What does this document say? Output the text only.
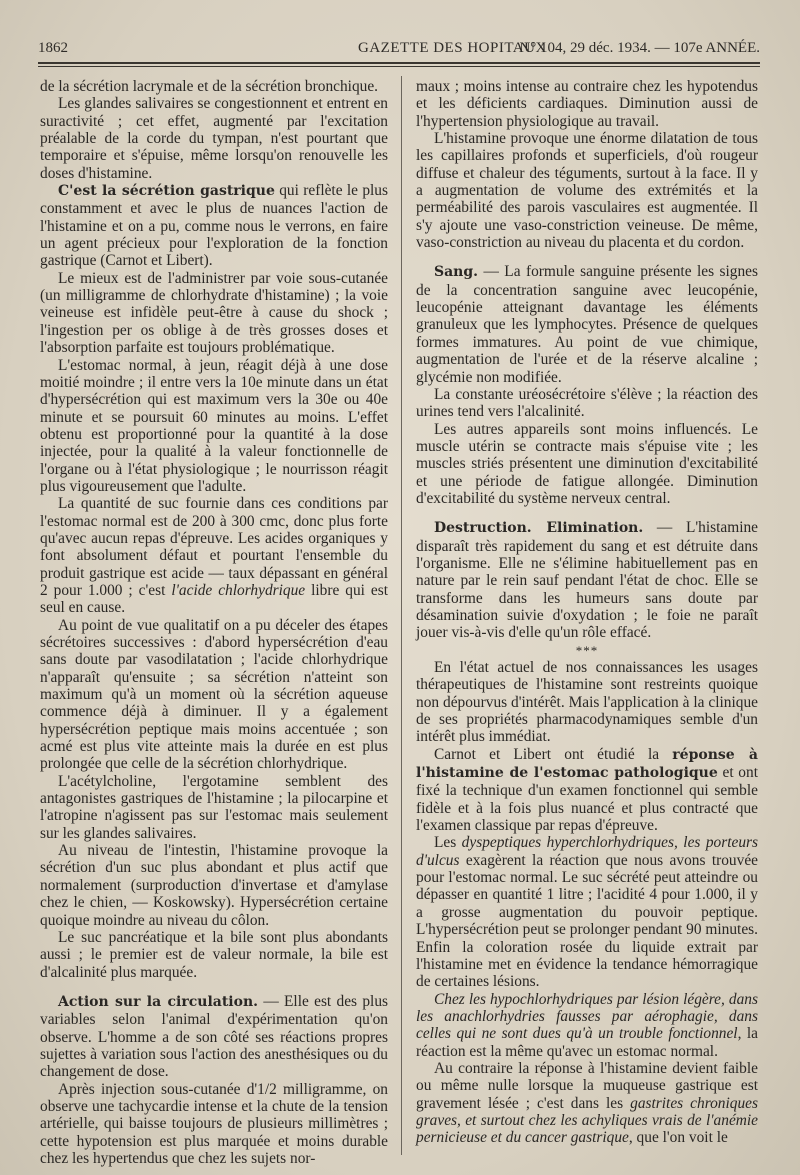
1862	GAZETTE DES HOPITAUX
N° 104, 29 déc. 1934. — 107e ANNÉE.

de la sécrétion lacrymale et de la sécrétion bronchique.

Les glandes salivaires se congestionnent et entrent en suractivité ; cet effet, augmenté par l'excitation préalable de la corde du tympan, n'est pourtant que temporaire et s'épuise, même lorsqu'on renouvelle les doses d'histamine.

C'est la sécrétion gastrique qui reflète le plus constamment et avec le plus de nuances l'action de l'histamine et on a pu, comme nous le verrons, en faire un agent précieux pour l'exploration de la fonction gastrique (Carnot et Libert).

Le mieux est de l'administrer par voie sous-cutanée (un milligramme de chlorhydrate d'histamine) ; la voie veineuse est infidèle peut-être à cause du shock ; l'ingestion per os oblige à de très grosses doses et l'absorption parfaite est toujours problématique.

L'estomac normal, à jeun, réagit déjà à une dose moitié moindre ; il entre vers la 10e minute dans un état d'hypersécrétion qui est maximum vers la 30e ou 40e minute et se poursuit 60 minutes au moins. L'effet obtenu est proportionné pour la quantité à la dose injectée, pour la qualité à la valeur fonctionnelle de l'organe ou à l'état physiologique ; le nourrisson réagit plus vigoureusement que l'adulte.

La quantité de suc fournie dans ces conditions par l'estomac normal est de 200 à 300 cmc, donc plus forte qu'avec aucun repas d'épreuve. Les acides organiques y font absolument défaut et pourtant l'ensemble du produit gastrique est acide — taux dépassant en général 2 pour 1.000 ; c'est l'acide chlorhydrique libre qui est seul en cause.

Au point de vue qualitatif on a pu déceler des étapes sécrétoires successives : d'abord hypersécrétion d'eau sans doute par vasodilatation ; l'acide chlorhydrique n'apparaît qu'ensuite ; sa sécrétion n'atteint son maximum qu'à un moment où la sécrétion aqueuse commence déjà à diminuer. Il y a également hypersécrétion peptique mais moins accentuée ; son acmé est plus vite atteinte mais la durée en est plus prolongée que celle de la sécrétion chlorhydrique.

L'acétylcholine, l'ergotamine semblent des antagonistes gastriques de l'histamine ; la pilocarpine et l'atropine n'agissent pas sur l'estomac mais seulement sur les glandes salivaires.

Au niveau de l'intestin, l'histamine provoque la sécrétion d'un suc plus abondant et plus actif que normalement (surproduction d'invertase et d'amylase chez le chien, — Koskowsky). Hypersécrétion certaine quoique moindre au niveau du côlon.

Le suc pancréatique et la bile sont plus abondants aussi ; le premier est de valeur normale, la bile est d'alcalinité plus marquée.

Action sur la circulation. — Elle est des plus variables selon l'animal d'expérimentation qu'on observe. L'homme a de son côté ses réactions propres sujettes à variation sous l'action des anesthésiques ou du changement de dose.

Après injection sous-cutanée d'1/2 milligramme, on observe une tachycardie intense et la chute de la tension artérielle, qui baisse toujours de plusieurs millimètres ; cette hypotension est plus marquée et moins durable chez les hypertendus que chez les sujets nor-

maux ; moins intense au contraire chez les hypotendus et les déficients cardiaques. Diminution aussi de l'hypertension physiologique au travail.

L'histamine provoque une énorme dilatation de tous les capillaires profonds et superficiels, d'où rougeur diffuse et chaleur des téguments, surtout à la face. Il y a augmentation de volume des extrémités et la perméabilité des parois vasculaires est augmentée. Il s'y ajoute une vaso-constriction veineuse. De même, vaso-constriction au niveau du placenta et du cordon.

Sang. — La formule sanguine présente les signes de la concentration sanguine avec leucopénie, leucopénie atteignant davantage les éléments granuleux que les lymphocytes. Présence de quelques formes immatures. Au point de vue chimique, augmentation de l'urée et de la réserve alcaline ; glycémie non modifiée.

La constante uréosécrétoire s'élève ; la réaction des urines tend vers l'alcalinité.

Les autres appareils sont moins influencés. Le muscle utérin se contracte mais s'épuise vite ; les muscles striés présentent une diminution d'excitabilité et une période de fatigue allongée. Diminution d'excitabilité du système nerveux central.

Destruction. Elimination. — L'histamine disparaît très rapidement du sang et est détruite dans l'organisme. Elle ne s'élimine habituellement pas en nature par le rein sauf pendant l'état de choc. Elle se transforme dans les humeurs sans doute par désamination suivie d'oxydation ; le foie ne paraît jouer vis-à-vis d'elle qu'un rôle effacé.

***

En l'état actuel de nos connaissances les usages thérapeutiques de l'histamine sont restreints quoique non dépourvus d'intérêt. Mais l'application à la clinique de ses propriétés pharmacodynamiques semble d'un intérêt plus immédiat.

Carnot et Libert ont étudié la réponse à l'histamine de l'estomac pathologique et ont fixé la technique d'un examen fonctionnel qui semble fidèle et à la fois plus nuancé et plus contracté que l'examen classique par repas d'épreuve.

Les dyspeptiques hyperchlorhydriques, les porteurs d'ulcus exagèrent la réaction que nous avons trouvée pour l'estomac normal. Le suc sécrété peut atteindre ou dépasser en quantité 1 litre ; l'acidité 4 pour 1.000, il y a grosse augmentation du pouvoir peptique. L'hypersécrétion peut se prolonger pendant 90 minutes. Enfin la coloration rosée du liquide extrait par l'histamine met en évidence la tendance hémorragique de certaines lésions.

Chez les hypochlorhydriques par lésion légère, dans les anachlorhydries fausses par aérophagie, dans celles qui ne sont dues qu'à un trouble fonctionnel, la réaction est la même qu'avec un estomac normal.

Au contraire la réponse à l'histamine devient faible ou même nulle lorsque la muqueuse gastrique est gravement lésée ; c'est dans les gastrites chroniques graves, et surtout chez les achyliques vrais de l'anémie pernicieuse et du cancer gastrique, que l'on voit le
